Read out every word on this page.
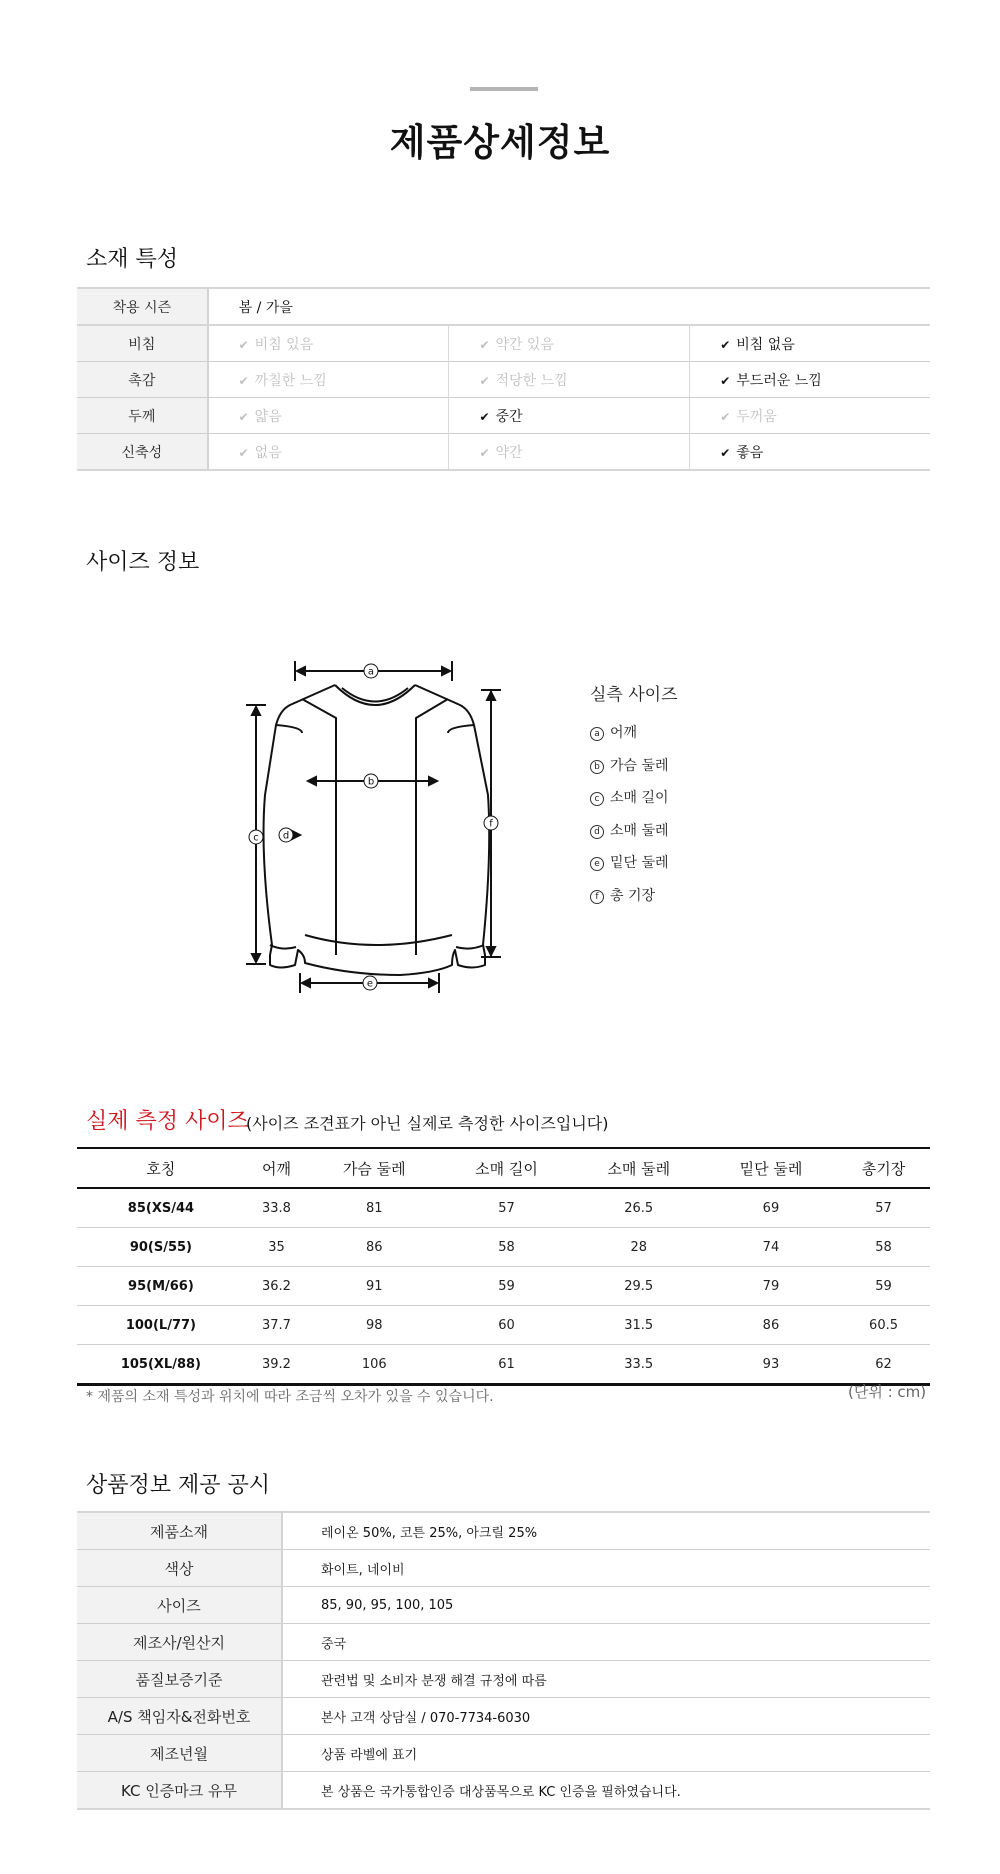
제품상세정보
소재 특성
착용 시즌	봄 / 가을		
비침	✔ 비침 있음	✔ 약간 있음	✔ 비침 없음
촉감	✔ 까칠한 느낌	✔ 적당한 느낌	✔ 부드러운 느낌
두께	✔ 얇음	✔ 중간	✔ 두꺼움
신축성	✔ 없음	✔ 약간	✔ 좋음
사이즈 정보
a
b
c d
e
f
실측 사이즈
a 어깨
b 가슴 둘레
c 소매 길이
d 소매 둘레
e 밑단 둘레
f 총 기장
실제 측정 사이즈
(사이즈 조견표가 아닌 실제로 측정한 사이즈입니다)
호칭	어깨	가슴 둘레	소매 길이	소매 둘레	밑단 둘레	총기장
85(XS/44	33.8	81	57	26.5	69	57
90(S/55)	35	86	58	28	74	58
95(M/66)	36.2	91	59	29.5	79	59
100(L/77)	37.7	98	60	31.5	86	60.5
105(XL/88)	39.2	106	61	33.5	93	62
* 제품의 소재 특성과 위치에 따라 조금씩 오차가 있을 수 있습니다.	(단위 : cm)
상품정보 제공 공시
제품소재	레이온 50%, 코튼 25%, 아크릴 25%
색상	화이트, 네이비
사이즈	85, 90, 95, 100, 105
제조사/원산지	중국
품질보증기준	관련법 및 소비자 분쟁 해결 규정에 따름
A/S 책임자&전화번호	본사 고객 상담실 / 070-7734-6030
제조년월	상품 라벨에 표기
KC 인증마크 유무	본 상품은 국가통합인증 대상품목으로 KC 인증을 필하였습니다.
